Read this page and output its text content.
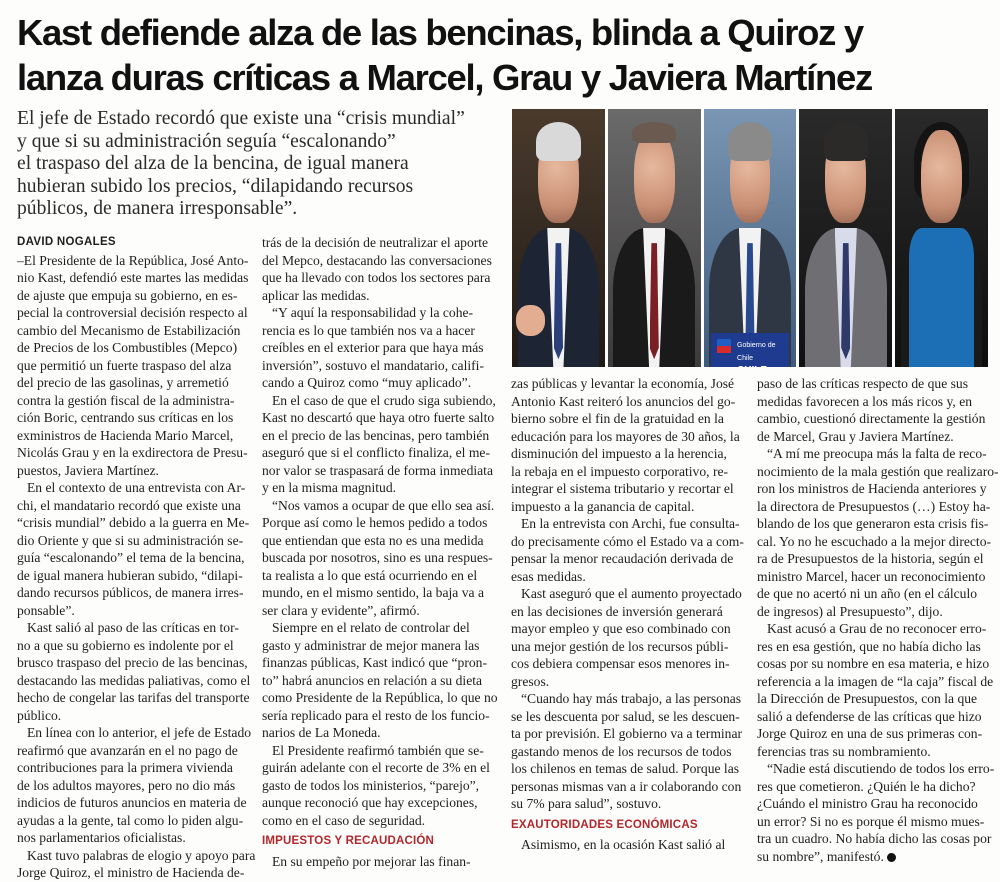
Kast defiende alza de las bencinas, blinda a Quiroz y
lanza duras críticas a Marcel, Grau y Javiera Martínez
El jefe de Estado recordó que existe una “crisis mundial”
y que si su administración seguía “escalonando”
el traspaso del alza de la bencina, de igual manera
hubieran subido los precios, “dilapidando recursos
públicos, de manera irresponsable”.
Gobierno de Chile

DAVID NOGALES

–El Presidente de la República, José Anto-

nio Kast, defendió este martes las medidas

de ajuste que empuja su gobierno, en es-

pecial la controversial decisión respecto al

cambio del Mecanismo de Estabilización

de Precios de los Combustibles (Mepco)

que permitió un fuerte traspaso del alza

del precio de las gasolinas, y arremetió

contra la gestión fiscal de la administra-

ción Boric, centrando sus críticas en los

exministros de Hacienda Mario Marcel,

Nicolás Grau y en la exdirectora de Presu-

puestos, Javiera Martínez.

En el contexto de una entrevista con Ar-

chi, el mandatario recordó que existe una

“crisis mundial” debido a la guerra en Me-

dio Oriente y que si su administración se-

guía “escalonando” el tema de la bencina,

de igual manera hubieran subido, “dilapi-

dando recursos públicos, de manera irres-

ponsable”.

Kast salió al paso de las críticas en tor-

no a que su gobierno es indolente por el

brusco traspaso del precio de las bencinas,

destacando las medidas paliativas, como el

hecho de congelar las tarifas del transporte

público.

En línea con lo anterior, el jefe de Estado

reafirmó que avanzarán en el no pago de

contribuciones para la primera vivienda

de los adultos mayores, pero no dio más

indicios de futuros anuncios en materia de

ayudas a la gente, tal como lo piden algu-

nos parlamentarios oficialistas.

Kast tuvo palabras de elogio y apoyo para

Jorge Quiroz, el ministro de Hacienda de-

trás de la decisión de neutralizar el aporte

del Mepco, destacando las conversaciones

que ha llevado con todos los sectores para

aplicar las medidas.

“Y aquí la responsabilidad y la cohe-

rencia es lo que también nos va a hacer

creíbles en el exterior para que haya más

inversión”, sostuvo el mandatario, califi-

cando a Quiroz como “muy aplicado”.

En el caso de que el crudo siga subiendo,

Kast no descartó que haya otro fuerte salto

en el precio de las bencinas, pero también

aseguró que si el conflicto finaliza, el me-

nor valor se traspasará de forma inmediata

y en la misma magnitud.

“Nos vamos a ocupar de que ello sea así.

Porque así como le hemos pedido a todos

que entiendan que esta no es una medida

buscada por nosotros, sino es una respues-

ta realista a lo que está ocurriendo en el

mundo, en el mismo sentido, la baja va a

ser clara y evidente”, afirmó.

Siempre en el relato de controlar del

gasto y administrar de mejor manera las

finanzas públicas, Kast indicó que “pron-

to” habrá anuncios en relación a su dieta

como Presidente de la República, lo que no

sería replicado para el resto de los funcio-

narios de La Moneda.

El Presidente reafirmó también que se-

guirán adelante con el recorte de 3% en el

gasto de todos los ministerios, “parejo”,

aunque reconoció que hay excepciones,

como en el caso de seguridad.

IMPUESTOS Y RECAUDACIÓN

En su empeño por mejorar las finan-

zas públicas y levantar la economía, José

Antonio Kast reiteró los anuncios del go-

bierno sobre el fin de la gratuidad en la

educación para los mayores de 30 años, la

disminución del impuesto a la herencia,

la rebaja en el impuesto corporativo, re-

integrar el sistema tributario y recortar el

impuesto a la ganancia de capital.

En la entrevista con Archi, fue consulta-

do precisamente cómo el Estado va a com-

pensar la menor recaudación derivada de

esas medidas.

Kast aseguró que el aumento proyectado

en las decisiones de inversión generará

mayor empleo y que eso combinado con

una mejor gestión de los recursos públi-

cos debiera compensar esos menores in-

gresos.

“Cuando hay más trabajo, a las personas

se les descuenta por salud, se les descuen-

ta por previsión. El gobierno va a terminar

gastando menos de los recursos de todos

los chilenos en temas de salud. Porque las

personas mismas van a ir colaborando con

su 7% para salud”, sostuvo.

EXAUTORIDADES ECONÓMICAS

Asimismo, en la ocasión Kast salió al

paso de las críticas respecto de que sus

medidas favorecen a los más ricos y, en

cambio, cuestionó directamente la gestión

de Marcel, Grau y Javiera Martínez.

“A mí me preocupa más la falta de reco-

nocimiento de la mala gestión que realizaro-

ron los ministros de Hacienda anteriores y

la directora de Presupuestos (…) Estoy ha-

blando de los que generaron esta crisis fis-

cal. Yo no he escuchado a la mejor directo-

ra de Presupuestos de la historia, según el

ministro Marcel, hacer un reconocimiento

de que no acertó ni un año (en el cálculo

de ingresos) al Presupuesto”, dijo.

Kast acusó a Grau de no reconocer erro-

res en esa gestión, que no había dicho las

cosas por su nombre en esa materia, e hizo

referencia a la imagen de “la caja” fiscal de

la Dirección de Presupuestos, con la que

salió a defenderse de las críticas que hizo

Jorge Quiroz en una de sus primeras con-

ferencias tras su nombramiento.

“Nadie está discutiendo de todos los erro-

res que cometieron. ¿Quién le ha dicho?

¿Cuándo el ministro Grau ha reconocido

un error? Si no es porque él mismo mues-

tra un cuadro. No había dicho las cosas por

su nombre”, manifestó.
